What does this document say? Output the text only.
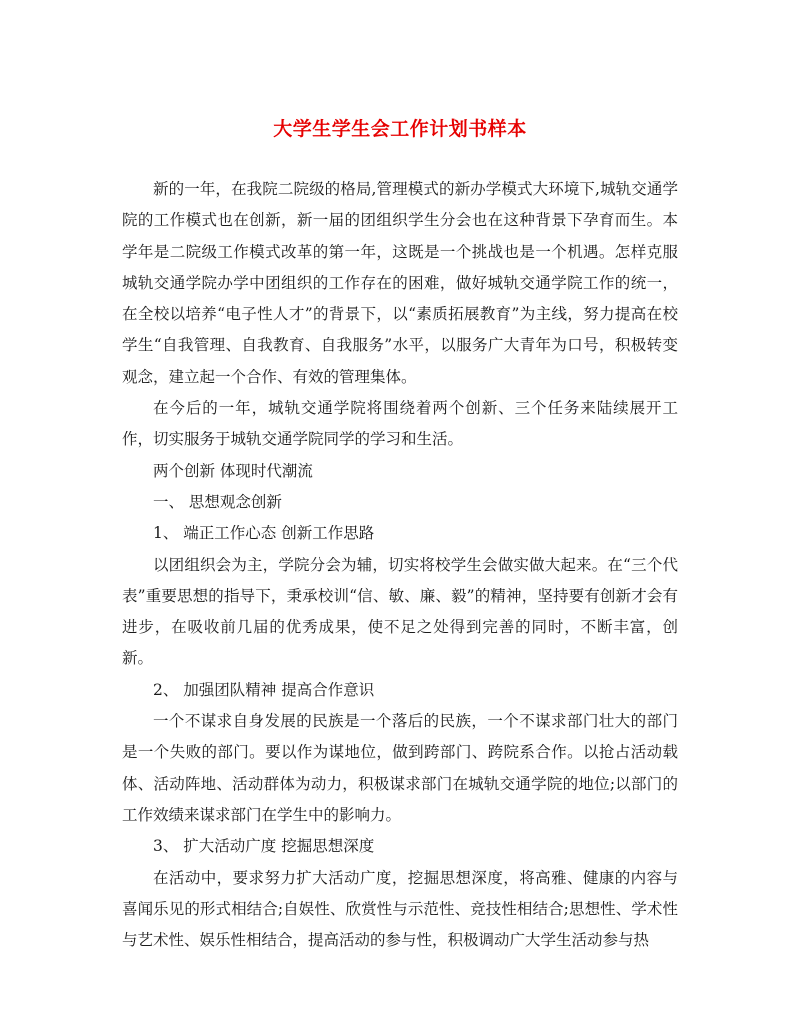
大学生学生会工作计划书样本

新的一年，在我院二院级的格局,管理模式的新办学模式大环境下,城轨交通学院的工作模式也在创新，新一届的团组织学生分会也在这种背景下孕育而生。本学年是二院级工作模式改革的第一年，这既是一个挑战也是一个机遇。怎样克服城轨交通学院办学中团组织的工作存在的困难，做好城轨交通学院工作的统一，在全校以培养“电子性人才”的背景下，以“素质拓展教育”为主线，努力提高在校学生“自我管理、自我教育、自我服务”水平，以服务广大青年为口号，积极转变观念，建立起一个合作、有效的管理集体。

在今后的一年，城轨交通学院将围绕着两个创新、三个任务来陆续展开工作，切实服务于城轨交通学院同学的学习和生活。

两个创新 体现时代潮流

一、 思想观念创新

1、 端正工作心态 创新工作思路

以团组织会为主，学院分会为辅，切实将校学生会做实做大起来。在“三个代表”重要思想的指导下，秉承校训“信、敏、廉、毅”的精神，坚持要有创新才会有进步，在吸收前几届的优秀成果，使不足之处得到完善的同时，不断丰富，创新。

2、 加强团队精神 提高合作意识

一个不谋求自身发展的民族是一个落后的民族，一个不谋求部门壮大的部门是一个失败的部门。要以作为谋地位，做到跨部门、跨院系合作。以抢占活动载体、活动阵地、活动群体为动力，积极谋求部门在城轨交通学院的地位;以部门的工作效绩来谋求部门在学生中的影响力。

3、 扩大活动广度 挖掘思想深度

在活动中，要求努力扩大活动广度，挖掘思想深度，将高雅、健康的内容与喜闻乐见的形式相结合;自娱性、欣赏性与示范性、竞技性相结合;思想性、学术性与艺术性、娱乐性相结合，提高活动的参与性，积极调动广大学生活动参与热
